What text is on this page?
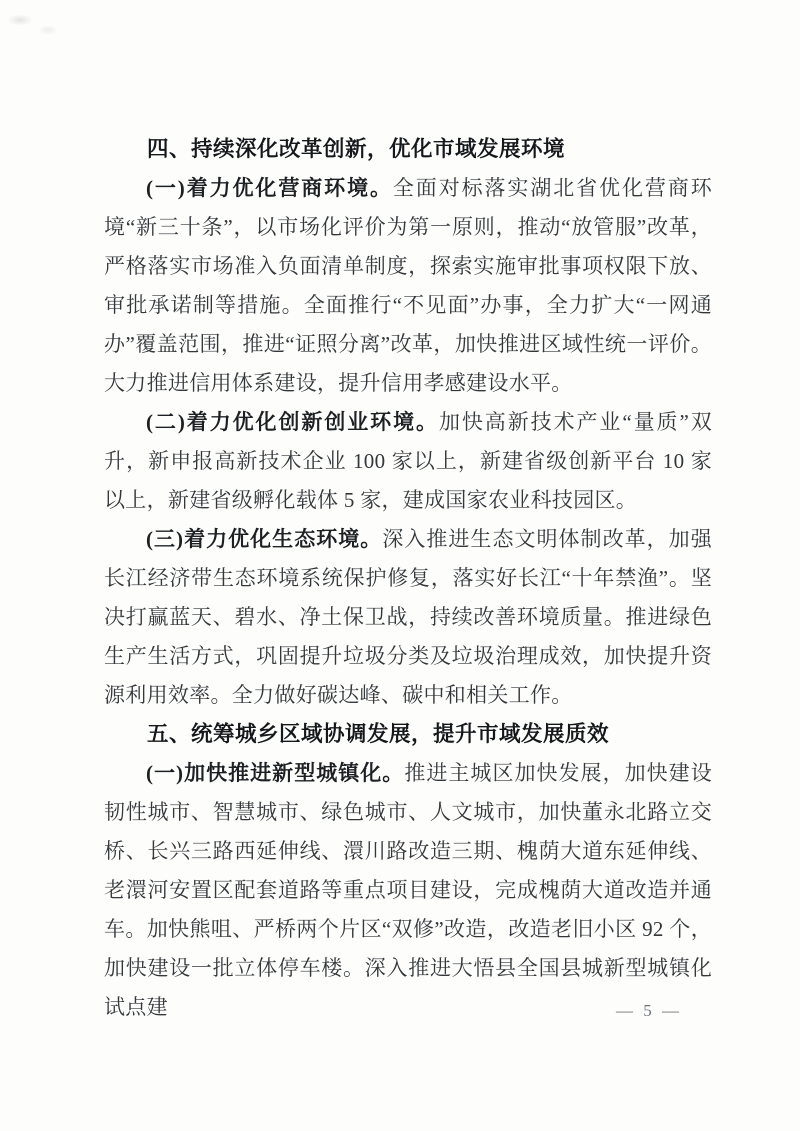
四、持续深化改革创新，优化市域发展环境

(一)着力优化营商环境。全面对标落实湖北省优化营商环境“新三十条”，以市场化评价为第一原则，推动“放管服”改革，严格落实市场准入负面清单制度，探索实施审批事项权限下放、审批承诺制等措施。全面推行“不见面”办事，全力扩大“一网通办”覆盖范围，推进“证照分离”改革，加快推进区域性统一评价。大力推进信用体系建设，提升信用孝感建设水平。

(二)着力优化创新创业环境。加快高新技术产业“量质”双升，新申报高新技术企业 100 家以上，新建省级创新平台 10 家以上，新建省级孵化载体 5 家，建成国家农业科技园区。

(三)着力优化生态环境。深入推进生态文明体制改革，加强长江经济带生态环境系统保护修复，落实好长江“十年禁渔”。坚决打赢蓝天、碧水、净土保卫战，持续改善环境质量。推进绿色生产生活方式，巩固提升垃圾分类及垃圾治理成效，加快提升资源利用效率。全力做好碳达峰、碳中和相关工作。

五、统筹城乡区域协调发展，提升市域发展质效

(一)加快推进新型城镇化。推进主城区加快发展，加快建设韧性城市、智慧城市、绿色城市、人文城市，加快董永北路立交桥、长兴三路西延伸线、澴川路改造三期、槐荫大道东延伸线、老澴河安置区配套道路等重点项目建设，完成槐荫大道改造并通车。加快熊咀、严桥两个片区“双修”改造，改造老旧小区 92 个，加快建设一批立体停车楼。深入推进大悟县全国县城新型城镇化试点建	— 5 —
